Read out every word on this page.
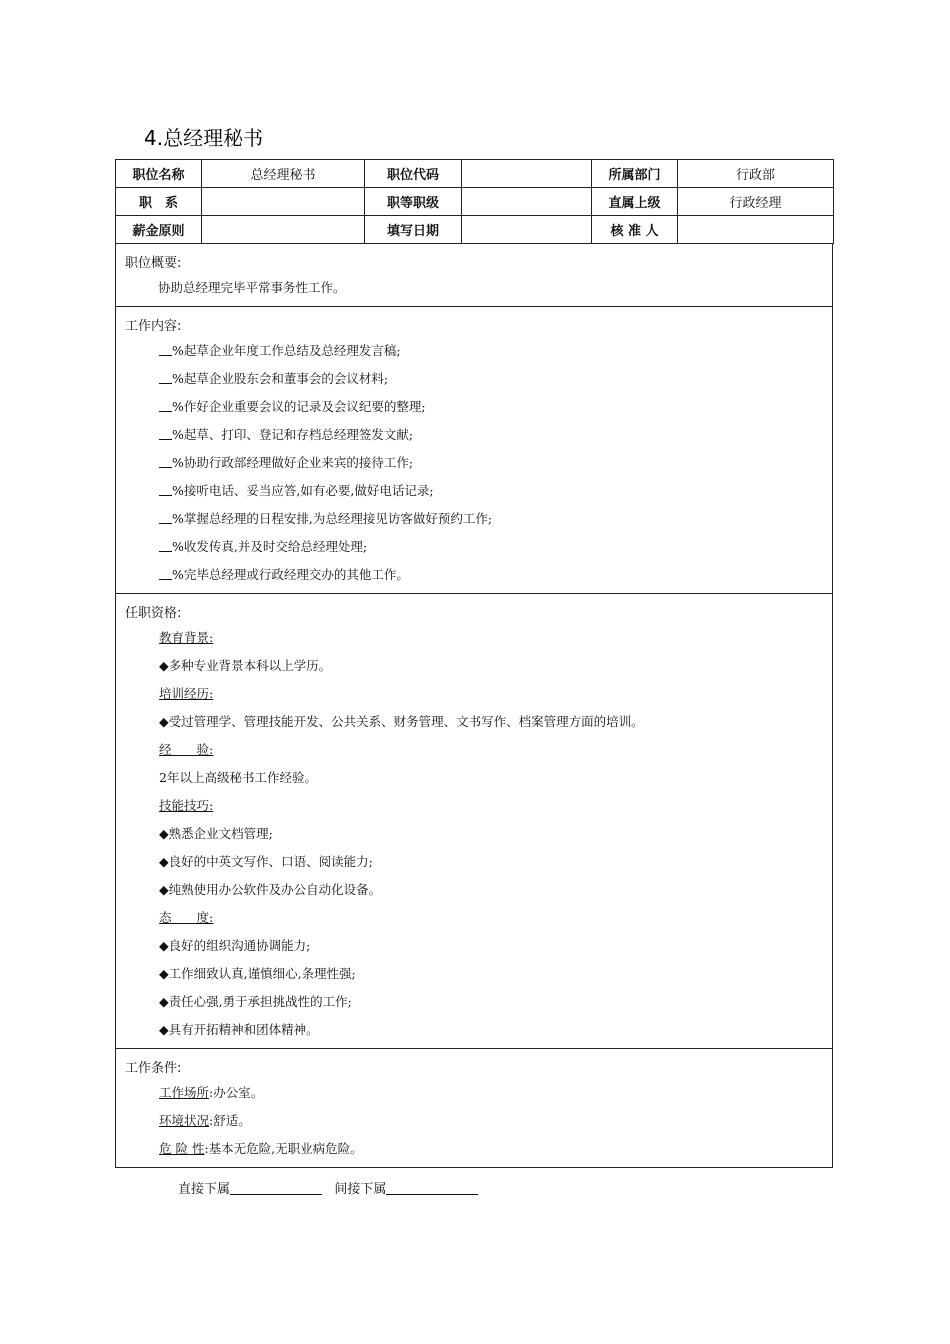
4.总经理秘书
职位名称	总经理秘书	职位代码		所属部门	行政部
职　系		职等职级		直属上级	行政经理
薪金原则		填写日期		核 准 人	
职位概要:
协助总经理完毕平常事务性工作。
工作内容:
%起草企业年度工作总结及总经理发言稿;
%起草企业股东会和董事会的会议材料;
%作好企业重要会议的记录及会议纪要的整理;
%起草、打印、登记和存档总经理签发文献;
%协助行政部经理做好企业来宾的接待工作;
%接听电话、妥当应答,如有必要,做好电话记录;
%掌握总经理的日程安排,为总经理接见访客做好预约工作;
%收发传真,并及时交给总经理处理;
%完毕总经理或行政经理交办的其他工作。
任职资格:
教育背景:
◆多种专业背景本科以上学历。
培训经历:
◆受过管理学、管理技能开发、公共关系、财务管理、文书写作、档案管理方面的培训。
经　　验:
2年以上高级秘书工作经验。
技能技巧:
◆熟悉企业文档管理;
◆良好的中英文写作、口语、阅读能力;
◆纯熟使用办公软件及办公自动化设备。
态　　度:
◆良好的组织沟通协调能力;
◆工作细致认真,谨慎细心,条理性强;
◆责任心强,勇于承担挑战性的工作;
◆具有开拓精神和团体精神。
工作条件:
工作场所:办公室。
环境状况:舒适。
危 险 性:基本无危险,无职业病危险。
直接下属	间接下属
